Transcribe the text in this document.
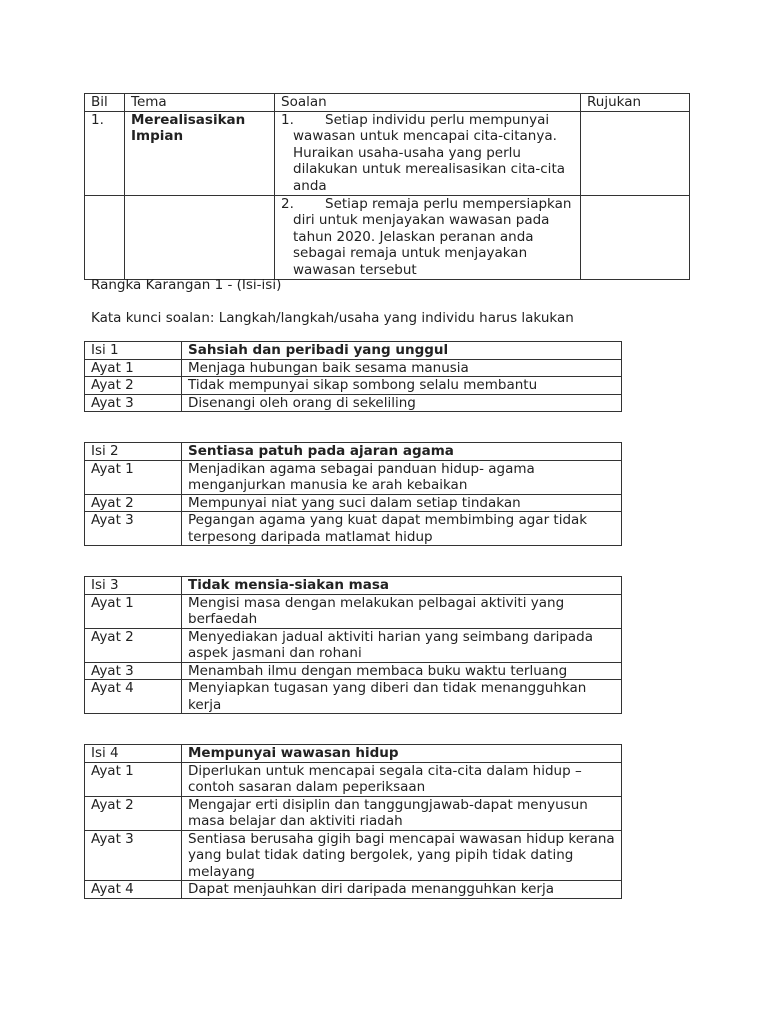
Bil	Tema	Soalan	Rujukan
1.	Merealisasikan Impian	1. Setiap individu perlu mempunyai wawasan untuk mencapai cita-citanya. Huraikan usaha-usaha yang perlu dilakukan untuk merealisasikan cita-cita anda	

		2. Setiap remaja perlu mempersiapkan diri untuk menjayakan wawasan pada tahun 2020. Jelaskan peranan anda sebagai remaja untuk menjayakan wawasan tersebut	

Rangka Karangan 1 - (Isi-isi)
Kata kunci soalan: Langkah/langkah/usaha yang individu harus lakukan
Isi 1	Sahsiah dan peribadi yang unggul
Ayat 1	Menjaga hubungan baik sesama manusia
Ayat 2	Tidak mempunyai sikap sombong selalu membantu
Ayat 3	Disenangi oleh orang di sekeliling
Isi 2	Sentiasa patuh pada ajaran agama
Ayat 1	Menjadikan agama sebagai panduan hidup- agama menganjurkan manusia ke arah kebaikan
Ayat 2	Mempunyai niat yang suci dalam setiap tindakan
Ayat 3	Pegangan agama yang kuat dapat membimbing agar tidak terpesong daripada matlamat hidup
Isi 3	Tidak mensia-siakan masa
Ayat 1	Mengisi masa dengan melakukan pelbagai aktiviti yang berfaedah
Ayat 2	Menyediakan jadual aktiviti harian yang seimbang daripada aspek jasmani dan rohani
Ayat 3	Menambah ilmu dengan membaca buku waktu terluang
Ayat 4	Menyiapkan tugasan yang diberi dan tidak menangguhkan kerja
Isi 4	Mempunyai wawasan hidup
Ayat 1	Diperlukan untuk mencapai segala cita-cita dalam hidup – contoh sasaran dalam peperiksaan
Ayat 2	Mengajar erti disiplin dan tanggungjawab-dapat menyusun masa belajar dan aktiviti riadah
Ayat 3	Sentiasa berusaha gigih bagi mencapai wawasan hidup kerana yang bulat tidak dating bergolek, yang pipih tidak dating melayang
Ayat 4	Dapat menjauhkan diri daripada menangguhkan kerja
